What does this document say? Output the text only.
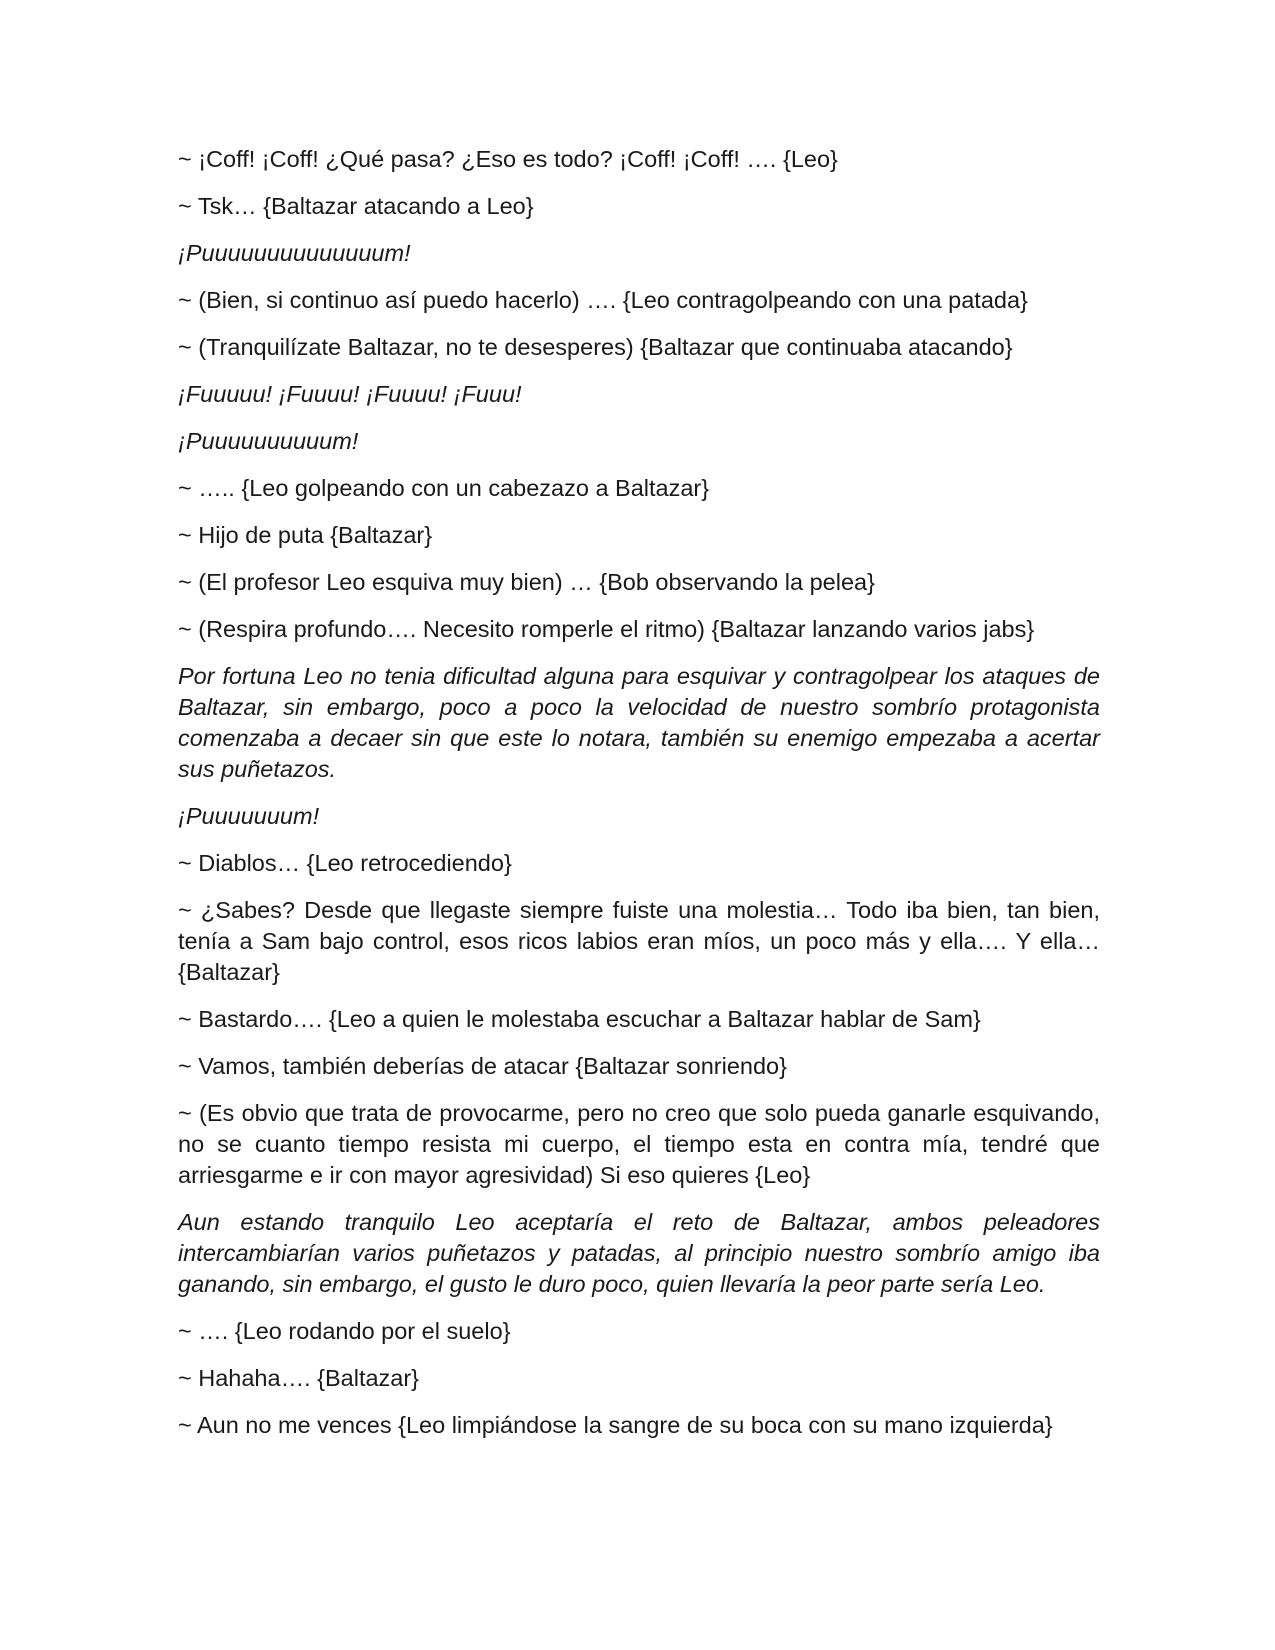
~ ¡Coff! ¡Coff! ¿Qué pasa? ¿Eso es todo? ¡Coff! ¡Coff! …. {Leo}

~ Tsk… {Baltazar atacando a Leo}

¡Puuuuuuuuuuuuuum!

~ (Bien, si continuo así puedo hacerlo) …. {Leo contragolpeando con una patada}

~ (Tranquilízate Baltazar, no te desesperes) {Baltazar que continuaba atacando}

¡Fuuuuu! ¡Fuuuu! ¡Fuuuu! ¡Fuuu!

¡Puuuuuuuuuum!

~ ….. {Leo golpeando con un cabezazo a Baltazar}

~ Hijo de puta {Baltazar}

~ (El profesor Leo esquiva muy bien) … {Bob observando la pelea}

~ (Respira profundo…. Necesito romperle el ritmo) {Baltazar lanzando varios jabs}

Por fortuna Leo no tenia dificultad alguna para esquivar y contragolpear los ataques de Baltazar, sin embargo, poco a poco la velocidad de nuestro sombrío protagonista comenzaba a decaer sin que este lo notara, también su enemigo empezaba a acertar sus puñetazos.

¡Puuuuuuum!

~ Diablos… {Leo retrocediendo}

~ ¿Sabes? Desde que llegaste siempre fuiste una molestia… Todo iba bien, tan bien, tenía a Sam bajo control, esos ricos labios eran míos, un poco más y ella…. Y ella… {Baltazar}

~ Bastardo…. {Leo a quien le molestaba escuchar a Baltazar hablar de Sam}

~ Vamos, también deberías de atacar {Baltazar sonriendo}

~ (Es obvio que trata de provocarme, pero no creo que solo pueda ganarle esquivando, no se cuanto tiempo resista mi cuerpo, el tiempo esta en contra mía, tendré que arriesgarme e ir con mayor agresividad) Si eso quieres {Leo}

Aun estando tranquilo Leo aceptaría el reto de Baltazar, ambos peleadores intercambiarían varios puñetazos y patadas, al principio nuestro sombrío amigo iba ganando, sin embargo, el gusto le duro poco, quien llevaría la peor parte sería Leo.

~ …. {Leo rodando por el suelo}

~ Hahaha…. {Baltazar}

~ Aun no me vences {Leo limpiándose la sangre de su boca con su mano izquierda}
